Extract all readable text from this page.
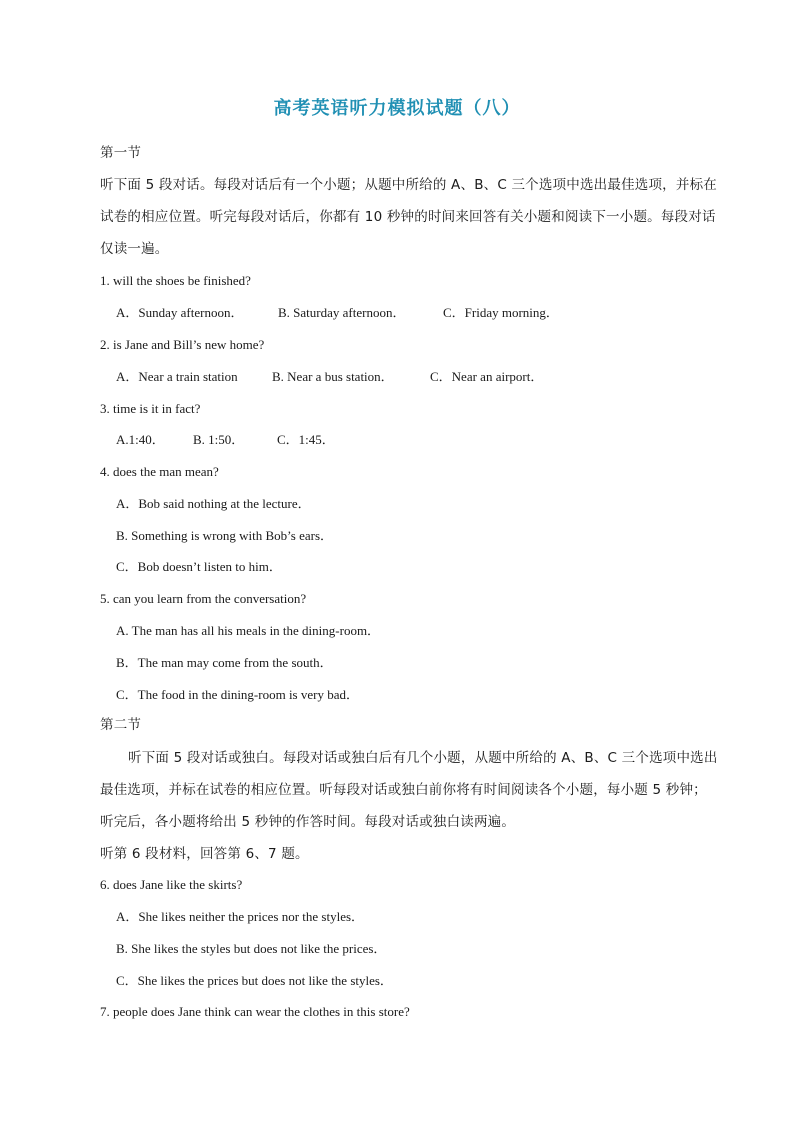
高考英语听力模拟试题（八）
第一节
听下面 5 段对话。每段对话后有一个小题；从题中所给的 A、B、C 三个选项中选出最佳选项，并标在
试卷的相应位置。听完每段对话后，你都有 10 秒钟的时间来回答有关小题和阅读下一小题。每段对话
仅读一遍。
1. will the shoes be finished?
A．Sunday afternoon．	B. Saturday afternoon．	C．Friday morning．
2. is Jane and Bill’s new home?
A．Near a train station	B. Near a bus station．	C．Near an airport．
3. time is it in fact?
A.1:40． B. 1:50．	C．1:45．
4. does the man mean?
A．Bob said nothing at the lecture．
B. Something is wrong with Bob’s ears．
C．Bob doesn’t listen to him．
5. can you learn from the conversation?
A. The man has all his meals in the dining-room．
B．The man may come from the south．
C．The food in the dining-room is very bad．
第二节
听下面 5 段对话或独白。每段对话或独白后有几个小题，从题中所给的 A、B、C 三个选项中选出
最佳选项，并标在试卷的相应位置。听每段对话或独白前你将有时间阅读各个小题，每小题 5 秒钟；
听完后，各小题将给出 5 秒钟的作答时间。每段对话或独白读两遍。
听第 6 段材料，回答第 6、7 题。
6. does Jane like the skirts?
A．She likes neither the prices nor the styles．
B. She likes the styles but does not like the prices．
C．She likes the prices but does not like the styles．
7. people does Jane think can wear the clothes in this store?
